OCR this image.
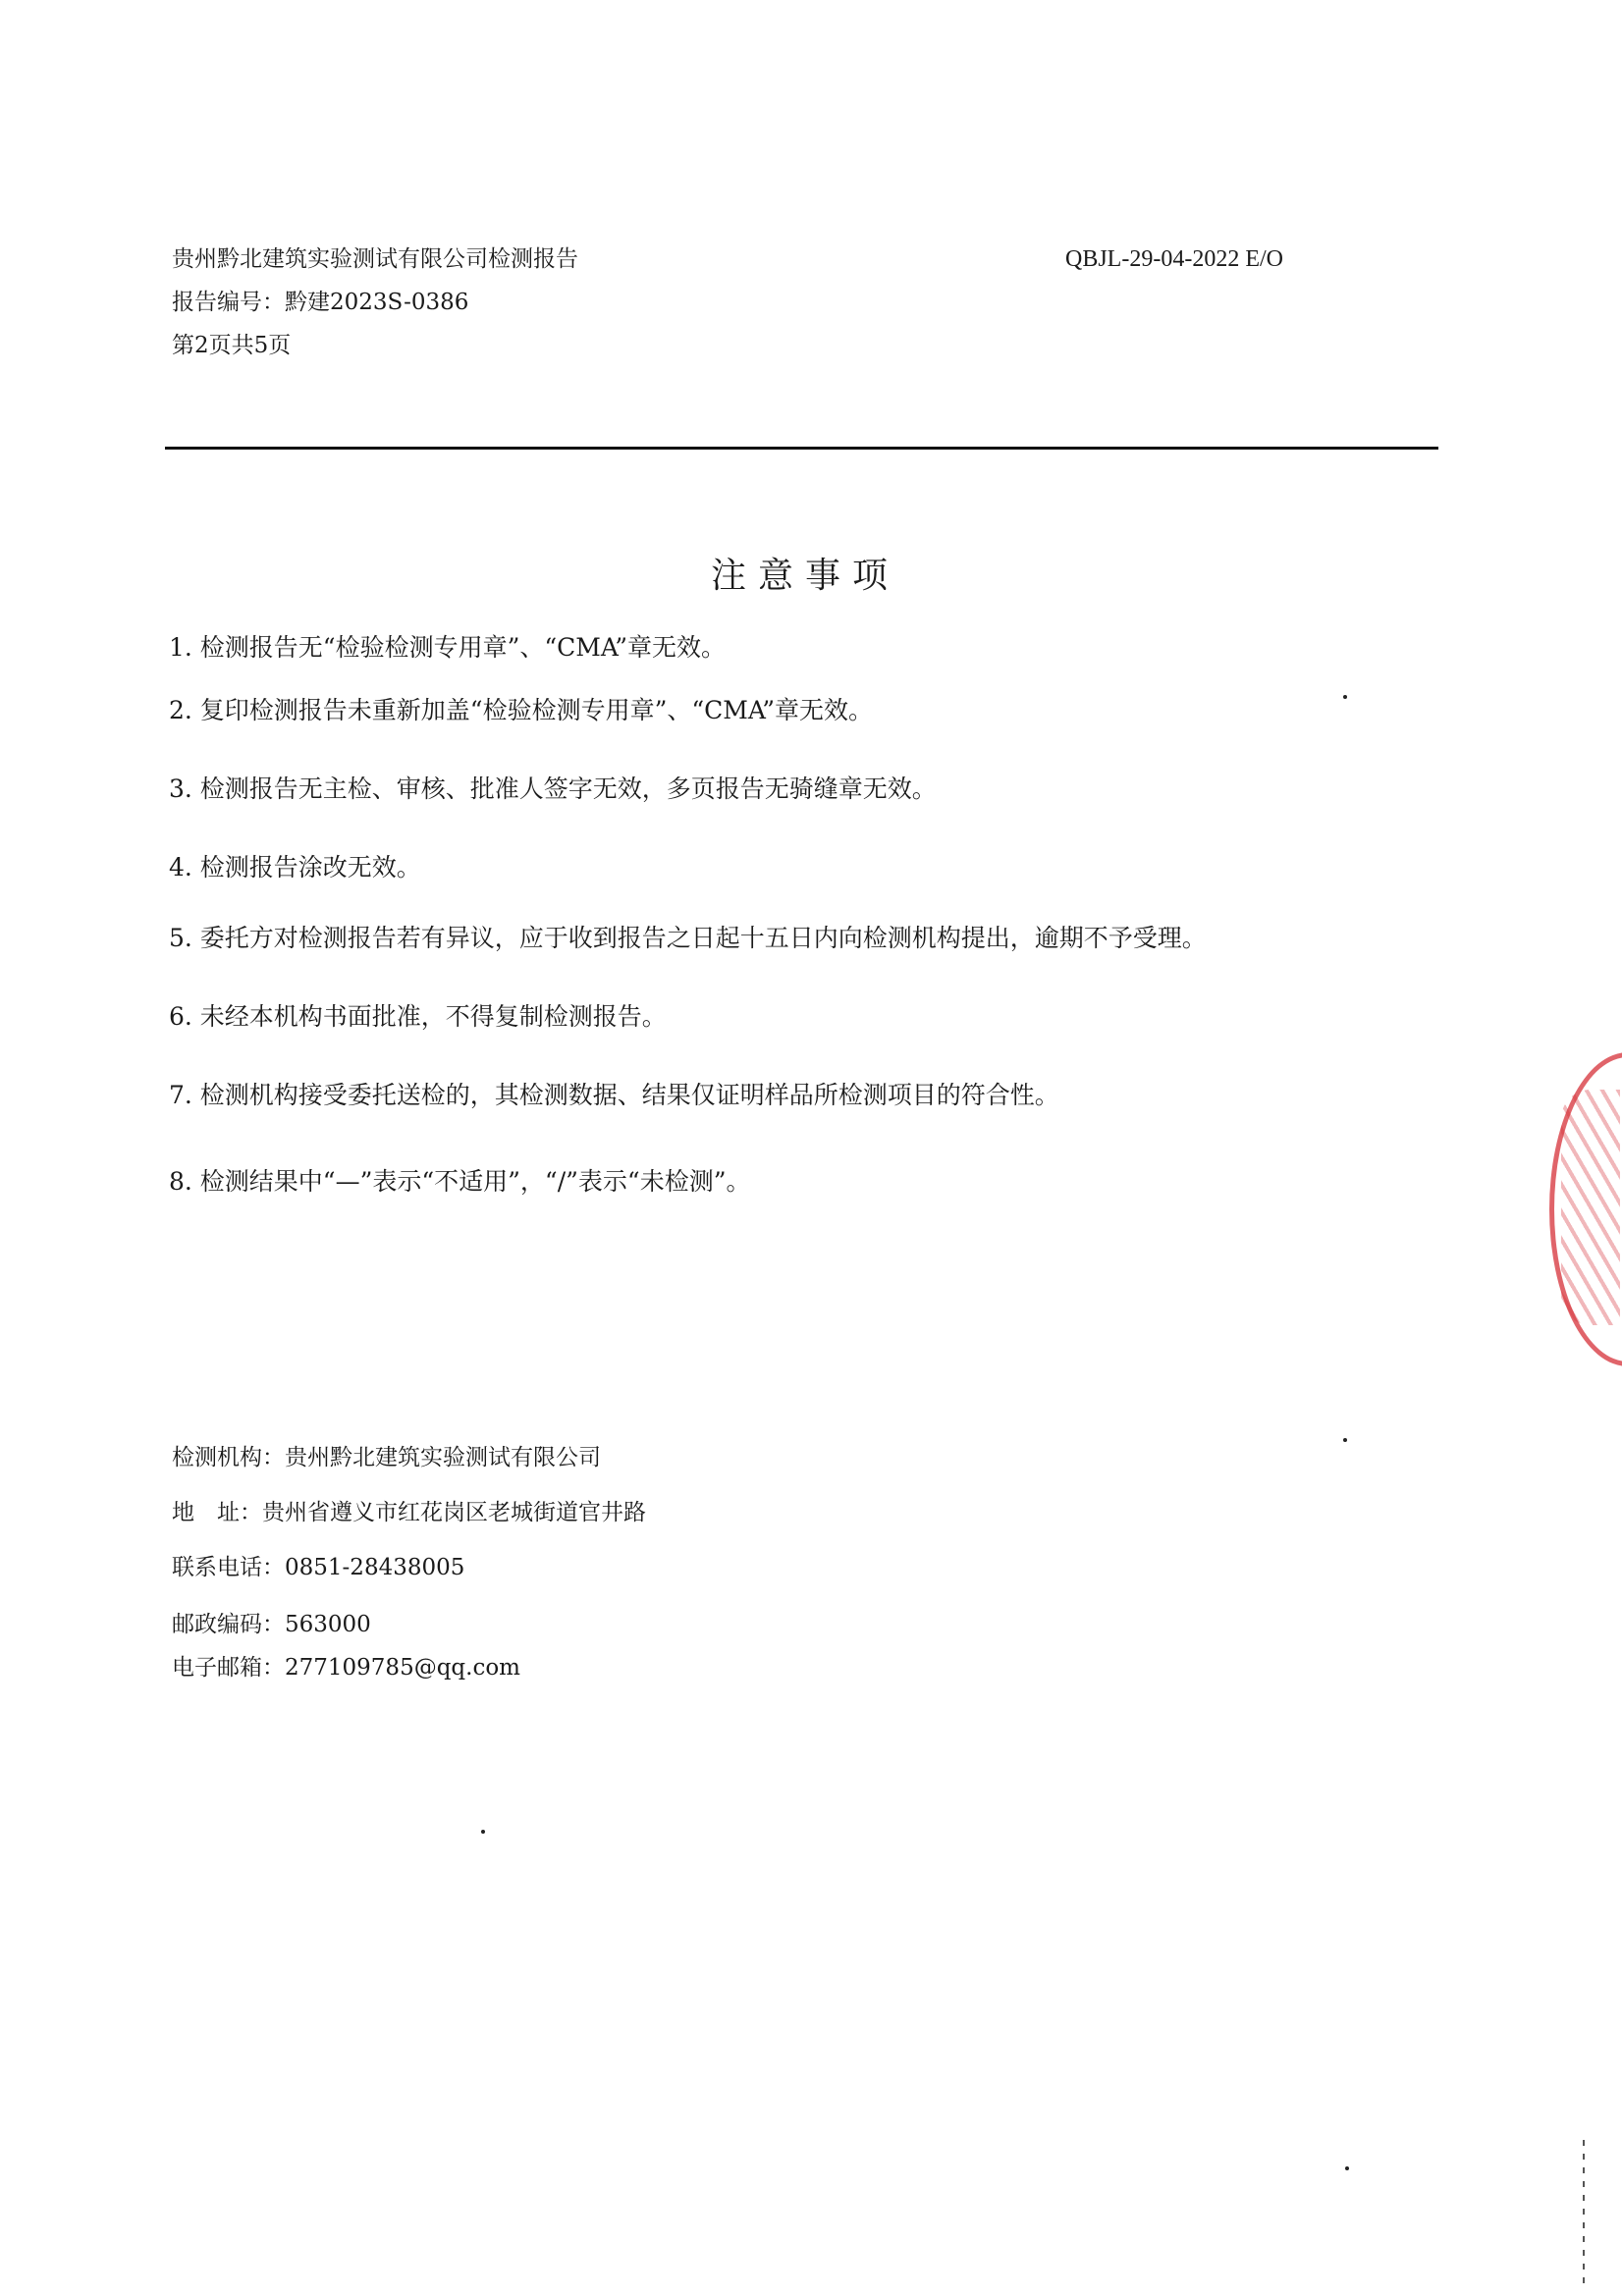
贵州黔北建筑实验测试有限公司检测报告
报告编号：黔建2023S-0386
第2页共5页
QBJL-29-04-2022 E/O
注意事项
1. 检测报告无“检验检测专用章”、“CMA”章无效。
2. 复印检测报告未重新加盖“检验检测专用章”、“CMA”章无效。
3. 检测报告无主检、审核、批准人签字无效，多页报告无骑缝章无效。
4. 检测报告涂改无效。
5. 委托方对检测报告若有异议，应于收到报告之日起十五日内向检测机构提出，逾期不予受理。
6. 未经本机构书面批准，不得复制检测报告。
7. 检测机构接受委托送检的，其检测数据、结果仅证明样品所检测项目的符合性。
8. 检测结果中“—”表示“不适用”，“/”表示“未检测”。
检测机构：贵州黔北建筑实验测试有限公司
地　址：贵州省遵义市红花岗区老城街道官井路
联系电话：0851-28438005
邮政编码：563000
电子邮箱：277109785@qq.com
